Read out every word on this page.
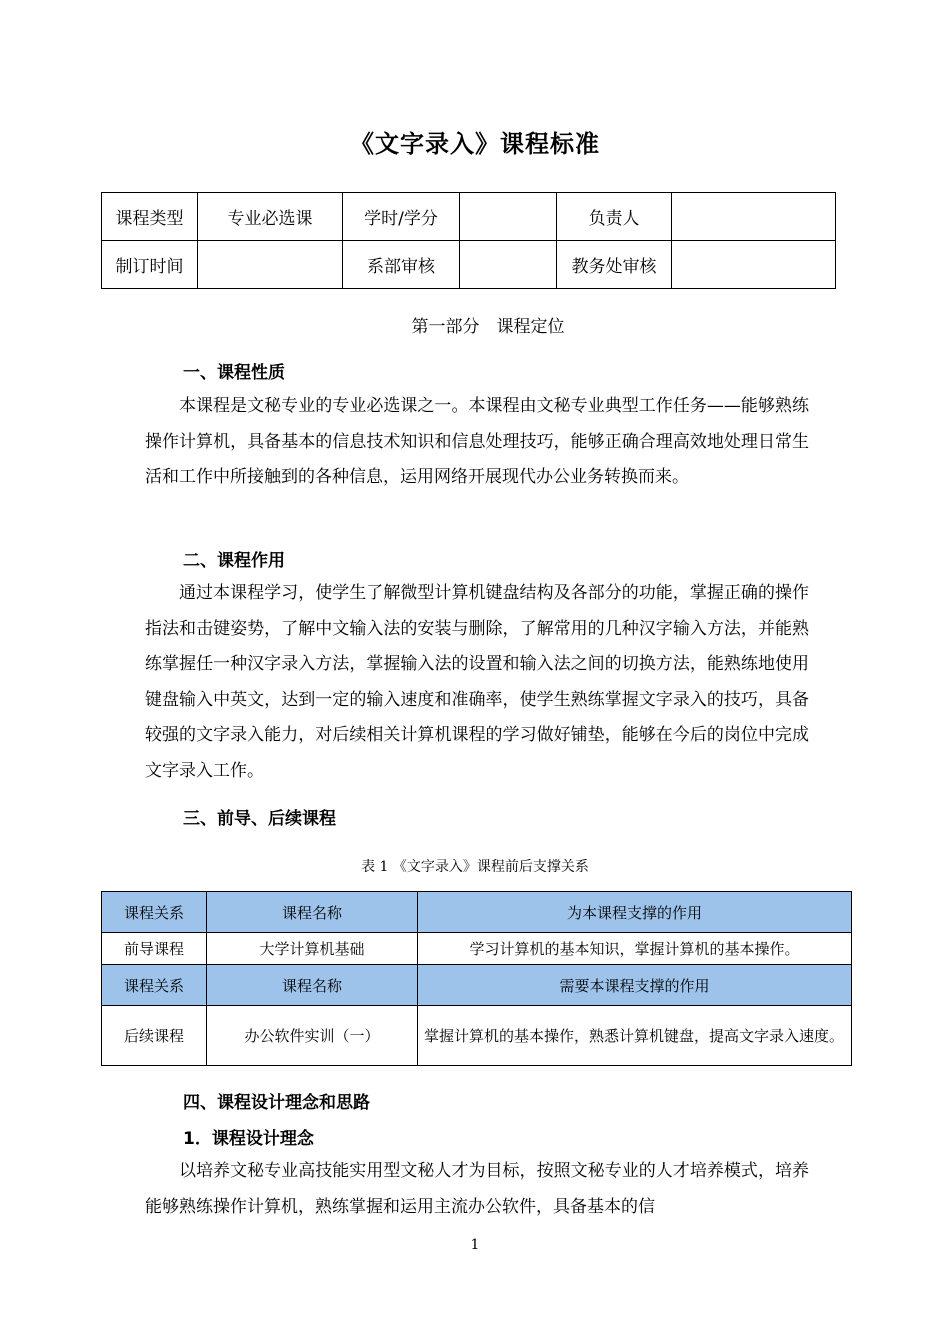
《文字录入》课程标准
课程类型	专业必选课	学时/学分		负责人	
制订时间		系部审核		教务处审核	
第一部分　课程定位
一、课程性质

本课程是文秘专业的专业必选课之一。本课程由文秘专业典型工作任务——能够熟练操作计算机，具备基本的信息技术知识和信息处理技巧，能够正确合理高效地处理日常生活和工作中所接触到的各种信息，运用网络开展现代办公业务转换而来。

二、课程作用

通过本课程学习，使学生了解微型计算机键盘结构及各部分的功能，掌握正确的操作指法和击键姿势，了解中文输入法的安装与删除，了解常用的几种汉字输入方法，并能熟练掌握任一种汉字录入方法，掌握输入法的设置和输入法之间的切换方法，能熟练地使用键盘输入中英文，达到一定的输入速度和准确率，使学生熟练掌握文字录入的技巧，具备较强的文字录入能力，对后续相关计算机课程的学习做好铺垫，能够在今后的岗位中完成文字录入工作。

三、前导、后续课程
表 1 《文字录入》课程前后支撑关系
课程关系	课程名称	为本课程支撑的作用
前导课程	大学计算机基础	学习计算机的基本知识，掌握计算机的基本操作。
课程关系	课程名称	需要本课程支撑的作用
后续课程	办公软件实训（一）	掌握计算机的基本操作，熟悉计算机键盘，提高文字录入速度。
四、课程设计理念和思路
1．课程设计理念

以培养文秘专业高技能实用型文秘人才为目标，按照文秘专业的人才培养模式，培养能够熟练操作计算机，熟练掌握和运用主流办公软件，具备基本的信

1
